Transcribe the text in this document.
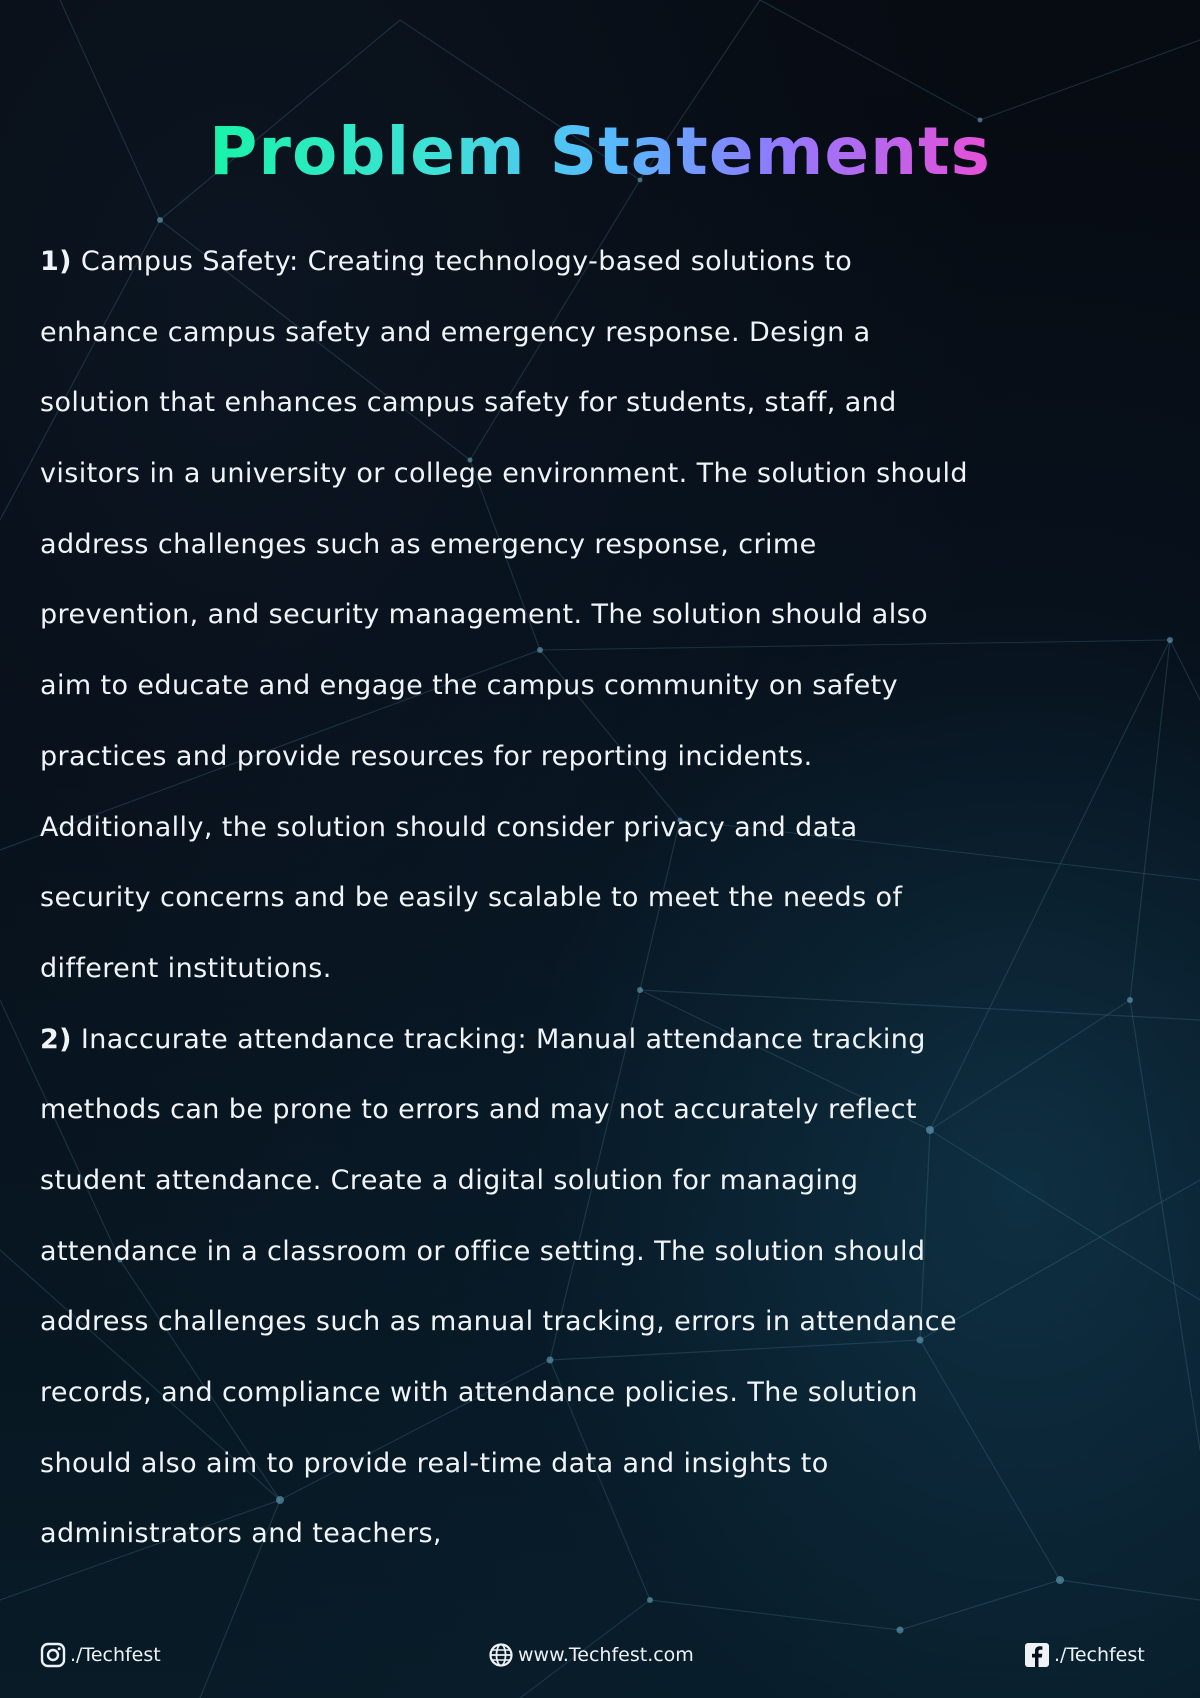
Problem Statements
1) Campus Safety: Creating technology-based solutions to
enhance campus safety and emergency response. Design a
solution that enhances campus safety for students, staff, and
visitors in a university or college environment. The solution should
address challenges such as emergency response, crime
prevention, and security management. The solution should also
aim to educate and engage the campus community on safety
practices and provide resources for reporting incidents.
Additionally, the solution should consider privacy and data
security concerns and be easily scalable to meet the needs of
different institutions.
2) Inaccurate attendance tracking: Manual attendance tracking
methods can be prone to errors and may not accurately reflect
student attendance. Create a digital solution for managing
attendance in a classroom or office setting. The solution should
address challenges such as manual tracking, errors in attendance
records, and compliance with attendance policies. The solution
should also aim to provide real-time data and insights to
administrators and teachers,
./Techfest	www.Techfest.com	./Techfest
